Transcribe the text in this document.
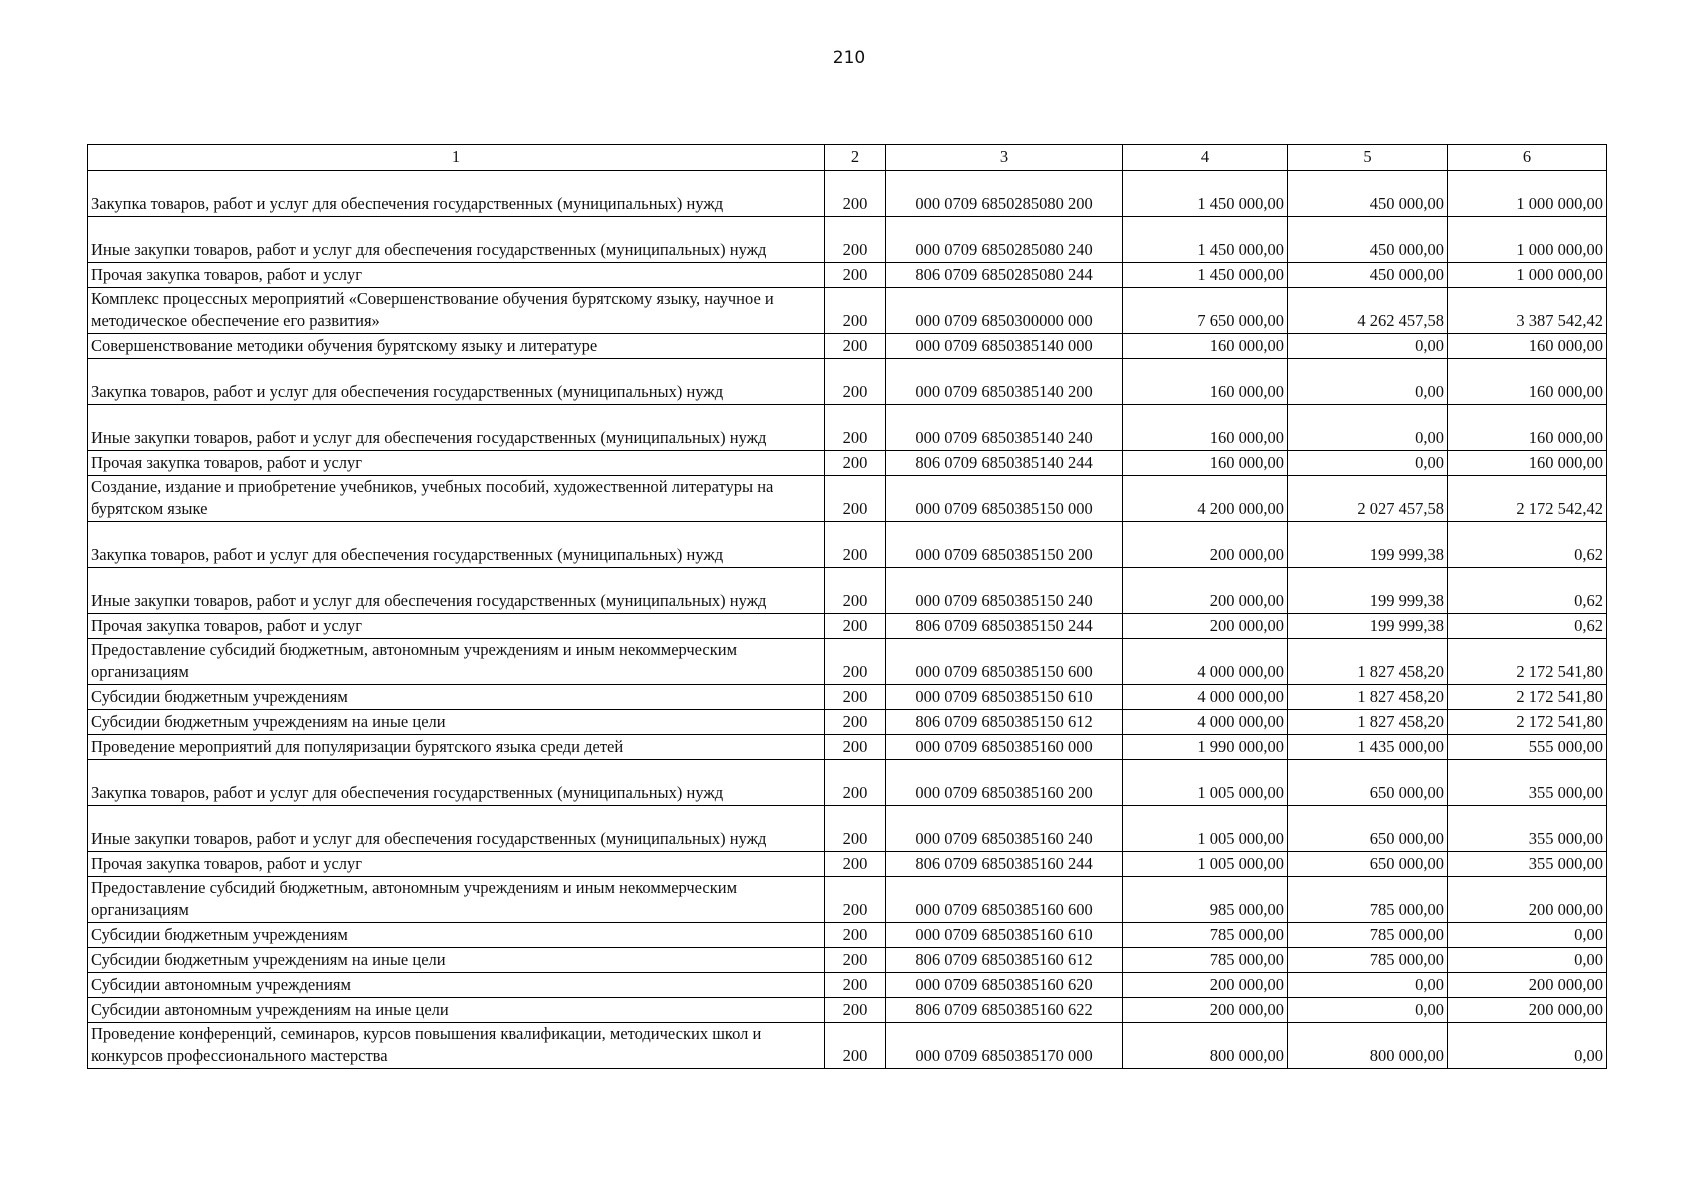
210
1	2	3	4	5	6
Закупка товаров, работ и услуг для обеспечения государственных (муниципальных) нужд	200	000 0709 6850285080 200	1 450 000,00	450 000,00	1 000 000,00
Иные закупки товаров, работ и услуг для обеспечения государственных (муниципальных) нужд	200	000 0709 6850285080 240	1 450 000,00	450 000,00	1 000 000,00
Прочая закупка товаров, работ и услуг	200	806 0709 6850285080 244	1 450 000,00	450 000,00	1 000 000,00
Комплекс процессных мероприятий «Совершенствование обучения бурятскому языку, научное и методическое обеспечение его развития»	200	000 0709 6850300000 000	7 650 000,00	4 262 457,58	3 387 542,42
Совершенствование методики обучения бурятскому языку и литературе	200	000 0709 6850385140 000	160 000,00	0,00	160 000,00
Закупка товаров, работ и услуг для обеспечения государственных (муниципальных) нужд	200	000 0709 6850385140 200	160 000,00	0,00	160 000,00
Иные закупки товаров, работ и услуг для обеспечения государственных (муниципальных) нужд	200	000 0709 6850385140 240	160 000,00	0,00	160 000,00
Прочая закупка товаров, работ и услуг	200	806 0709 6850385140 244	160 000,00	0,00	160 000,00
Создание, издание и приобретение учебников, учебных пособий, художественной литературы на бурятском языке	200	000 0709 6850385150 000	4 200 000,00	2 027 457,58	2 172 542,42
Закупка товаров, работ и услуг для обеспечения государственных (муниципальных) нужд	200	000 0709 6850385150 200	200 000,00	199 999,38	0,62
Иные закупки товаров, работ и услуг для обеспечения государственных (муниципальных) нужд	200	000 0709 6850385150 240	200 000,00	199 999,38	0,62
Прочая закупка товаров, работ и услуг	200	806 0709 6850385150 244	200 000,00	199 999,38	0,62
Предоставление субсидий бюджетным, автономным учреждениям и иным некоммерческим организациям	200	000 0709 6850385150 600	4 000 000,00	1 827 458,20	2 172 541,80
Субсидии бюджетным учреждениям	200	000 0709 6850385150 610	4 000 000,00	1 827 458,20	2 172 541,80
Субсидии бюджетным учреждениям на иные цели	200	806 0709 6850385150 612	4 000 000,00	1 827 458,20	2 172 541,80
Проведение мероприятий для популяризации бурятского языка среди детей	200	000 0709 6850385160 000	1 990 000,00	1 435 000,00	555 000,00
Закупка товаров, работ и услуг для обеспечения государственных (муниципальных) нужд	200	000 0709 6850385160 200	1 005 000,00	650 000,00	355 000,00
Иные закупки товаров, работ и услуг для обеспечения государственных (муниципальных) нужд	200	000 0709 6850385160 240	1 005 000,00	650 000,00	355 000,00
Прочая закупка товаров, работ и услуг	200	806 0709 6850385160 244	1 005 000,00	650 000,00	355 000,00
Предоставление субсидий бюджетным, автономным учреждениям и иным некоммерческим организациям	200	000 0709 6850385160 600	985 000,00	785 000,00	200 000,00
Субсидии бюджетным учреждениям	200	000 0709 6850385160 610	785 000,00	785 000,00	0,00
Субсидии бюджетным учреждениям на иные цели	200	806 0709 6850385160 612	785 000,00	785 000,00	0,00
Субсидии автономным учреждениям	200	000 0709 6850385160 620	200 000,00	0,00	200 000,00
Субсидии автономным учреждениям на иные цели	200	806 0709 6850385160 622	200 000,00	0,00	200 000,00
Проведение конференций, семинаров, курсов повышения квалификации, методических школ и конкурсов профессионального мастерства	200	000 0709 6850385170 000	800 000,00	800 000,00	0,00
